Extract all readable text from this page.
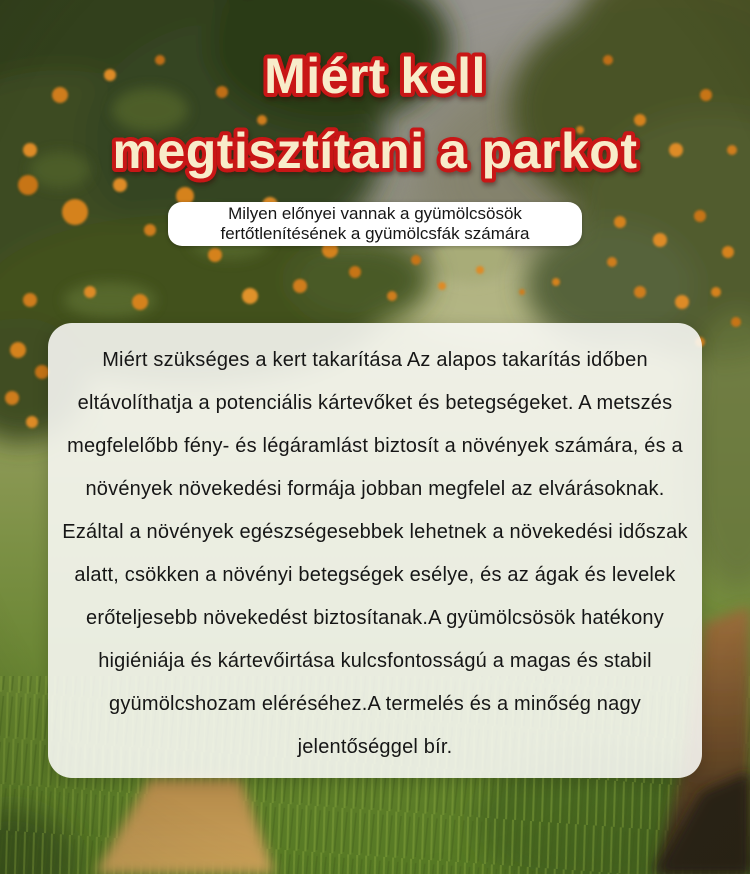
Miért kell
megtisztítani a parkot

Milyen előnyei vannak a gyümölcsösök fertőtlenítésének a gyümölcsfák számára

Miért szükséges a kert takarítása Az alapos takarítás időben eltávolíthatja a potenciális kártevőket és betegségeket. A metszés megfelelőbb fény- és légáramlást biztosít a növények számára, és a növények növekedési formája jobban megfelel az elvárásoknak. Ezáltal a növények egészségesebbek lehetnek a növekedési időszak alatt, csökken a növényi betegségek esélye, és az ágak és levelek erőteljesebb növekedést biztosítanak.A gyümölcsösök hatékony higiéniája és kártevőirtása kulcsfontosságú a magas és stabil gyümölcshozam eléréséhez.A termelés és a minőség nagy jelentőséggel bír.
